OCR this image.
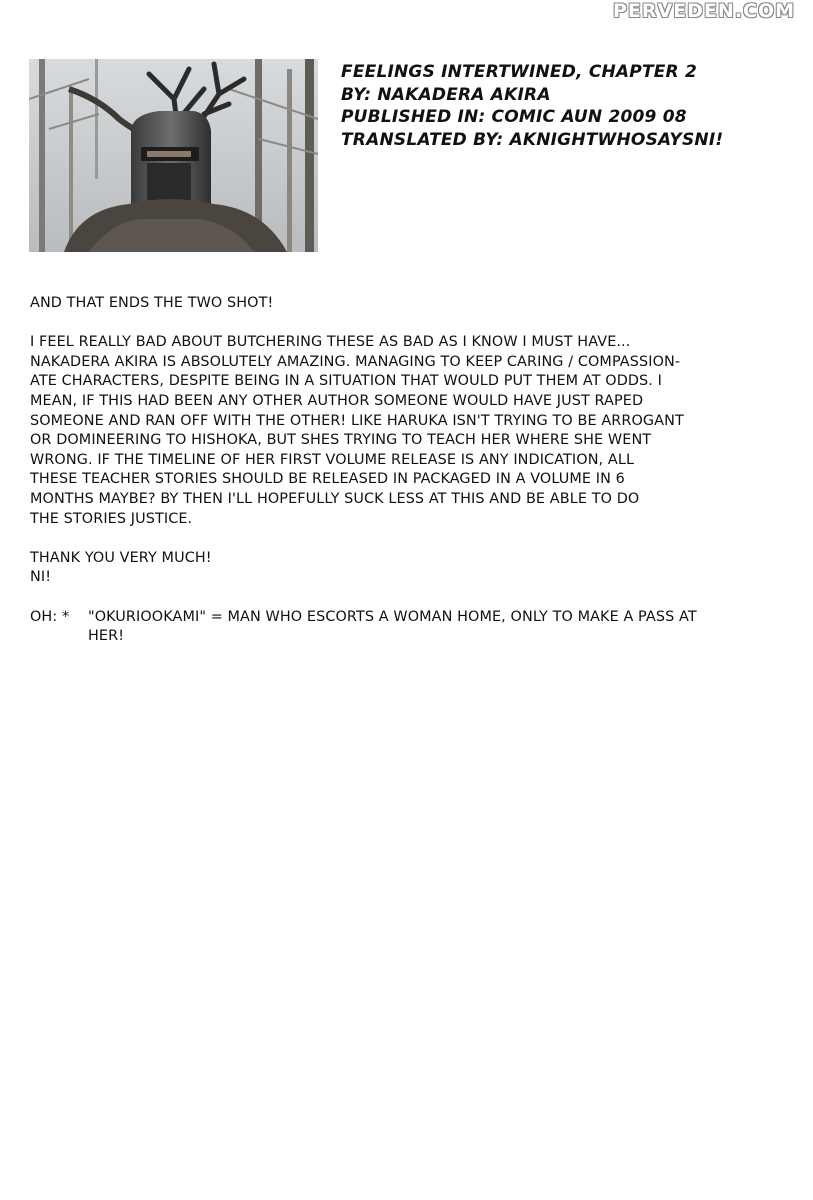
PERVEDEN.COM
FEELINGS INTERTWINED, CHAPTER 2
BY: NAKADERA AKIRA
PUBLISHED IN: COMIC AUN 2009 08
TRANSLATED BY: AKNIGHTWHOSAYSNI!

AND THAT ENDS THE TWO SHOT!

I FEEL REALLY BAD ABOUT BUTCHERING THESE AS BAD AS I KNOW I MUST HAVE...
NAKADERA AKIRA IS ABSOLUTELY AMAZING. MANAGING TO KEEP CARING / COMPASSION-
ATE CHARACTERS, DESPITE BEING IN A SITUATION THAT WOULD PUT THEM AT ODDS. I
MEAN, IF THIS HAD BEEN ANY OTHER AUTHOR SOMEONE WOULD HAVE JUST RAPED
SOMEONE AND RAN OFF WITH THE OTHER! LIKE HARUKA ISN'T TRYING TO BE ARROGANT
OR DOMINEERING TO HISHOKA, BUT SHES TRYING TO TEACH HER WHERE SHE WENT
WRONG. IF THE TIMELINE OF HER FIRST VOLUME RELEASE IS ANY INDICATION, ALL
THESE TEACHER STORIES SHOULD BE RELEASED IN PACKAGED IN A VOLUME IN 6
MONTHS MAYBE? BY THEN I'LL HOPEFULLY SUCK LESS AT THIS AND BE ABLE TO DO
THE STORIES JUSTICE.

THANK YOU VERY MUCH!

NI!

OH: *	"OKURIOOKAMI" = MAN WHO ESCORTS A WOMAN HOME, ONLY TO MAKE A PASS AT
HER!
